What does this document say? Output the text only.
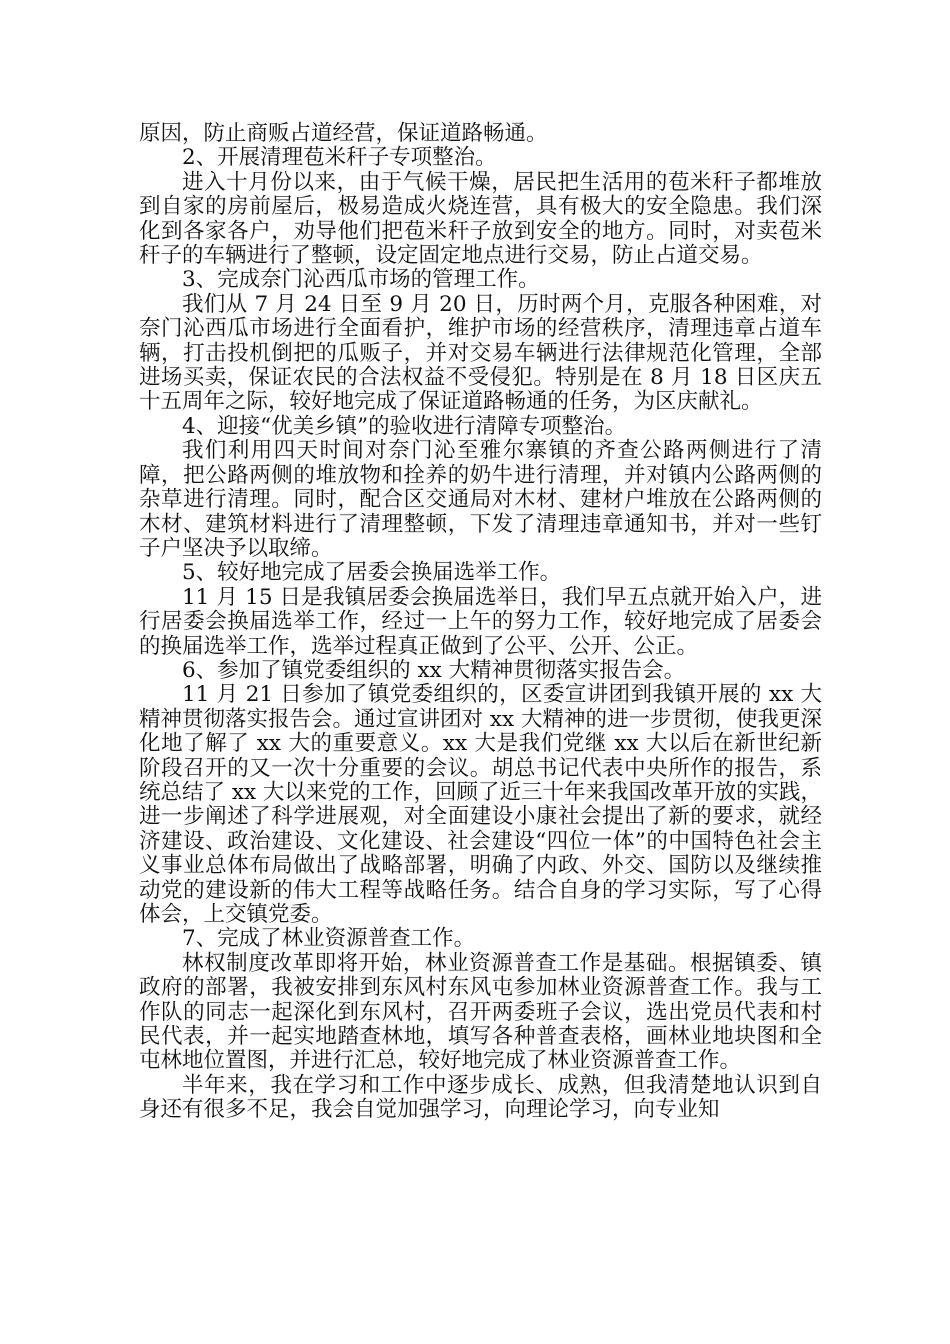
原因，防止商贩占道经营，保证道路畅通。

2、开展清理苞米秆子专项整治。

进入十月份以来，由于气候干燥，居民把生活用的苞米秆子都堆放到自家的房前屋后，极易造成火烧连营，具有极大的安全隐患。我们深化到各家各户，劝导他们把苞米秆子放到安全的地方。同时，对卖苞米秆子的车辆进行了整顿，设定固定地点进行交易，防止占道交易。

3、完成奈门沁西瓜市场的管理工作。

我们从 7 月 24 日至 9 月 20 日，历时两个月，克服各种困难，对奈门沁西瓜市场进行全面看护，维护市场的经营秩序，清理违章占道车辆，打击投机倒把的瓜贩子，并对交易车辆进行法律规范化管理，全部进场买卖，保证农民的合法权益不受侵犯。特别是在 8 月 18 日区庆五十五周年之际，较好地完成了保证道路畅通的任务，为区庆献礼。

4、迎接“优美乡镇”的验收进行清障专项整治。

我们利用四天时间对奈门沁至雅尔寨镇的齐查公路两侧进行了清障，把公路两侧的堆放物和拴养的奶牛进行清理，并对镇内公路两侧的杂草进行清理。同时，配合区交通局对木材、建材户堆放在公路两侧的木材、建筑材料进行了清理整顿，下发了清理违章通知书，并对一些钉子户坚决予以取缔。

5、较好地完成了居委会换届选举工作。

11 月 15 日是我镇居委会换届选举日，我们早五点就开始入户，进行居委会换届选举工作，经过一上午的努力工作，较好地完成了居委会的换届选举工作，选举过程真正做到了公平、公开、公正。

6、参加了镇党委组织的 xx 大精神贯彻落实报告会。

11 月 21 日参加了镇党委组织的，区委宣讲团到我镇开展的 xx 大精神贯彻落实报告会。通过宣讲团对 xx 大精神的进一步贯彻，使我更深化地了解了 xx 大的重要意义。xx 大是我们党继 xx 大以后在新世纪新阶段召开的又一次十分重要的会议。胡总书记代表中央所作的报告，系统总结了 xx 大以来党的工作，回顾了近三十年来我国改革开放的实践，进一步阐述了科学进展观，对全面建设小康社会提出了新的要求，就经济建设、政治建设、文化建设、社会建设“四位一体”的中国特色社会主义事业总体布局做出了战略部署，明确了内政、外交、国防以及继续推动党的建设新的伟大工程等战略任务。结合自身的学习实际，写了心得体会，上交镇党委。

7、完成了林业资源普查工作。

林权制度改革即将开始，林业资源普查工作是基础。根据镇委、镇政府的部署，我被安排到东风村东风屯参加林业资源普查工作。我与工作队的同志一起深化到东风村，召开两委班子会议，选出党员代表和村民代表，并一起实地踏查林地，填写各种普查表格，画林业地块图和全屯林地位置图，并进行汇总，较好地完成了林业资源普查工作。

半年来，我在学习和工作中逐步成长、成熟，但我清楚地认识到自身还有很多不足，我会自觉加强学习，向理论学习，向专业知
